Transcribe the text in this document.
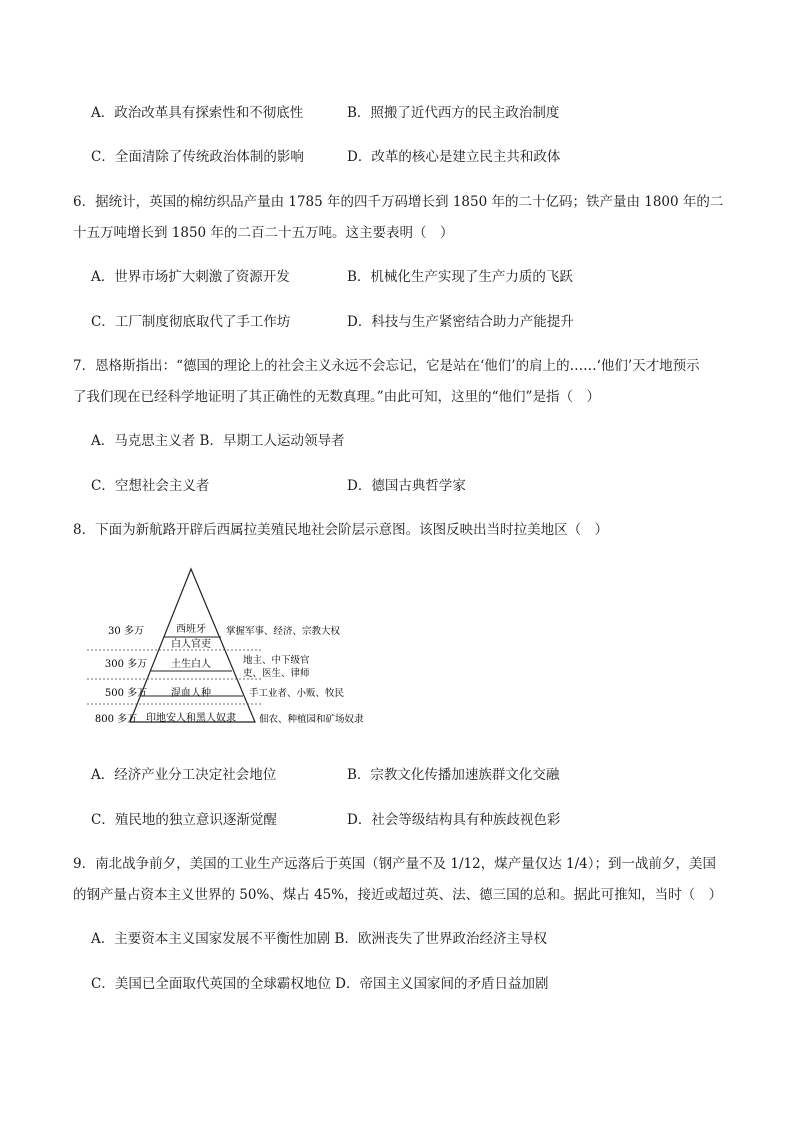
A．政治改革具有探索性和不彻底性	B．照搬了近代西方的民主政治制度
C．全面清除了传统政治体制的影响	D．改革的核心是建立民主共和政体
6．据统计，英国的棉纺织品产量由 1785 年的四千万码增长到 1850 年的二十亿码；铁产量由 1800 年的二
十五万吨增长到 1850 年的二百二十五万吨。这主要表明（　）
A．世界市场扩大刺激了资源开发	B．机械化生产实现了生产力质的飞跃
C．工厂制度彻底取代了手工作坊	D．科技与生产紧密结合助力产能提升
7．恩格斯指出：“德国的理论上的社会主义永远不会忘记，它是站在‘他们’的肩上的……‘他们’天才地预示
了我们现在已经科学地证明了其正确性的无数真理。”由此可知，这里的“他们”是指（　）
A．马克思主义者 B．早期工人运动领导者
C．空想社会主义者	D．德国古典哲学家
8．下面为新航路开辟后西属拉美殖民地社会阶层示意图。该图反映出当时拉美地区（　）
30 多万
300 多万
500 多万
800 多万
西班牙
白人官吏
土生白人
混血人种
印地安人和黑人奴隶
掌握军事、经济、宗教大权
地主、中下级官
吏、医生、律师
手工业者、小贩、牧民
佃农、种植园和矿场奴隶
A．经济产业分工决定社会地位	B．宗教文化传播加速族群文化交融
C．殖民地的独立意识逐渐觉醒	D．社会等级结构具有种族歧视色彩
9．南北战争前夕，美国的工业生产远落后于英国（钢产量不及 1/12，煤产量仅达 1/4）；到一战前夕，美国
的钢产量占资本主义世界的 50%、煤占 45%，接近或超过英、法、德三国的总和。据此可推知，当时（　）
A．主要资本主义国家发展不平衡性加剧 B．欧洲丧失了世界政治经济主导权
C．美国已全面取代英国的全球霸权地位 D．帝国主义国家间的矛盾日益加剧
